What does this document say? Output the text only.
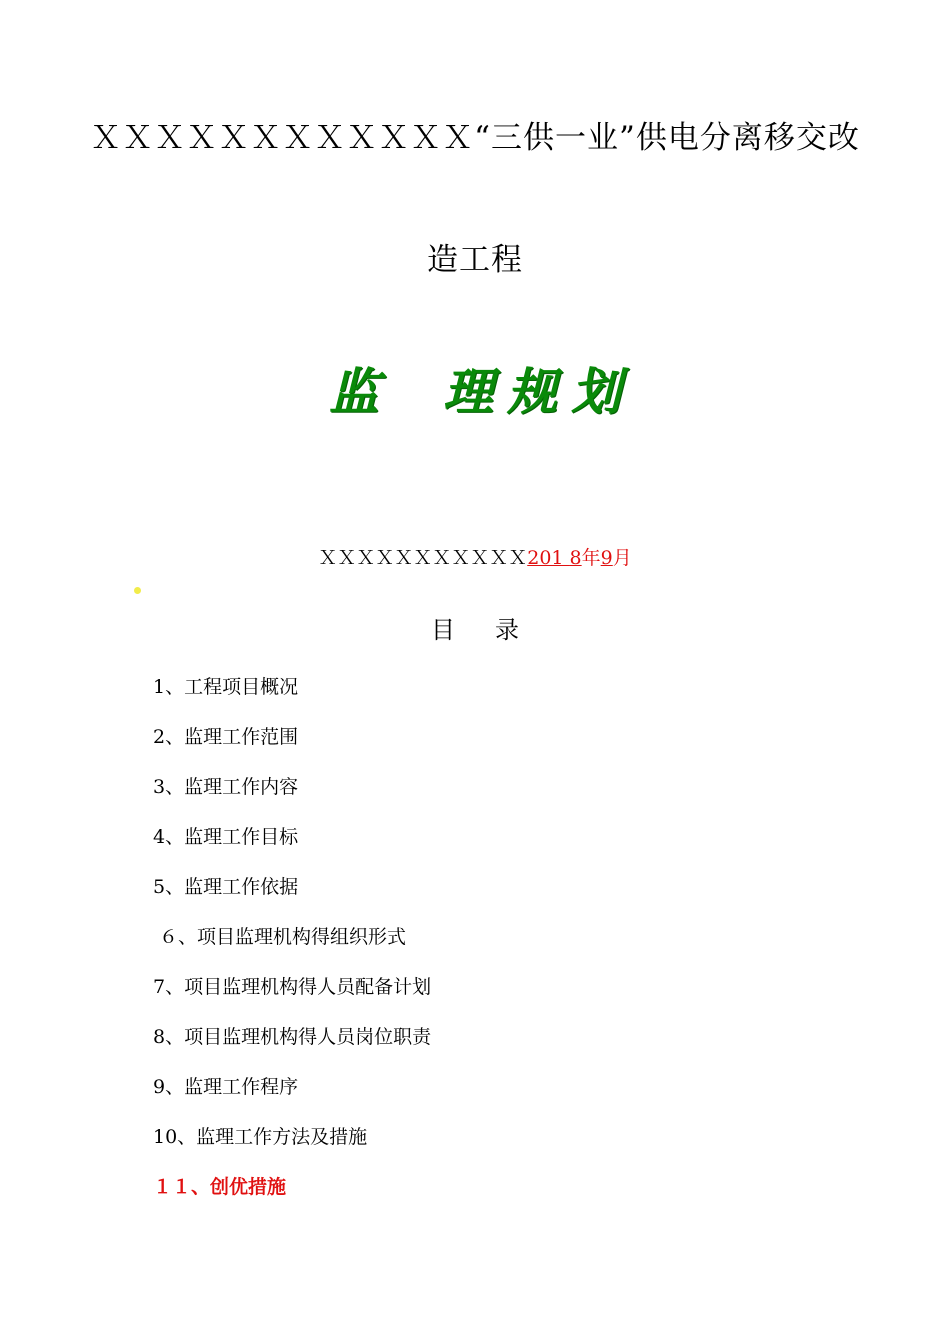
ＸＸＸＸＸＸＸＸＸＸＸＸ“三供一业”供电分离移交改
造工程
监 理 规 划
ＸＸＸＸＸＸＸＸＸＸＸ201 8年9月
目 录
1、工程项目概况
2、监理工作范围
3、监理工作内容
4、监理工作目标
5、监理工作依据
６、项目监理机构得组织形式
7、项目监理机构得人员配备计划
8、项目监理机构得人员岗位职责
9、监理工作程序
10、监理工作方法及措施
１１、创优措施
